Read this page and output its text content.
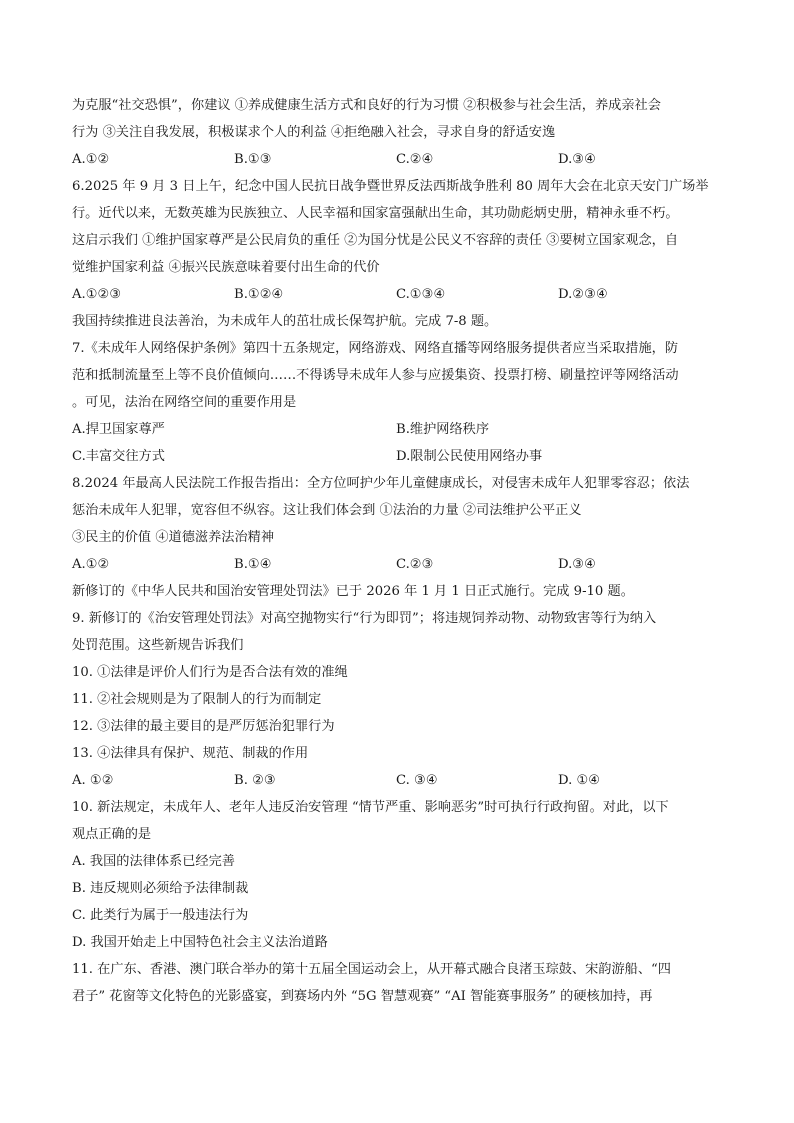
为克服“社交恐惧”，你建议 ①养成健康生活方式和良好的行为习惯 ②积极参与社会生活，养成亲社会
行为 ③关注自我发展，积极谋求个人的利益 ④拒绝融入社会，寻求自身的舒适安逸
A.①②	B.①③	C.②④	D.③④
6.2025 年 9 月 3 日上午，纪念中国人民抗日战争暨世界反法西斯战争胜利 80 周年大会在北京天安门广场举
行。近代以来，无数英雄为民族独立、人民幸福和国家富强献出生命，其功勋彪炳史册，精神永垂不朽。
这启示我们 ①维护国家尊严是公民肩负的重任 ②为国分忧是公民义不容辞的责任 ③要树立国家观念，自
觉维护国家利益 ④振兴民族意味着要付出生命的代价
A.①②③	B.①②④	C.①③④	D.②③④
我国持续推进良法善治，为未成年人的茁壮成长保驾护航。完成 7-8 题。
7.《未成年人网络保护条例》第四十五条规定，网络游戏、网络直播等网络服务提供者应当采取措施，防
范和抵制流量至上等不良价值倾向……不得诱导未成年人参与应援集资、投票打榜、刷量控评等网络活动
。可见，法治在网络空间的重要作用是
A.捍卫国家尊严	B.维护网络秩序
C.丰富交往方式	D.限制公民使用网络办事
8.2024 年最高人民法院工作报告指出：全方位呵护少年儿童健康成长，对侵害未成年人犯罪零容忍；依法
惩治未成年人犯罪，宽容但不纵容。这让我们体会到 ①法治的力量 ②司法维护公平正义
③民主的价值 ④道德滋养法治精神
A.①②	B.①④	C.②③	D.③④
新修订的《中华人民共和国治安管理处罚法》已于 2026 年 1 月 1 日正式施行。完成 9-10 题。
9. 新修订的《治安管理处罚法》对高空抛物实行“行为即罚”；将违规饲养动物、动物致害等行为纳入
处罚范围。这些新规告诉我们
10. ①法律是评价人们行为是否合法有效的准绳
11. ②社会规则是为了限制人的行为而制定
12. ③法律的最主要目的是严厉惩治犯罪行为
13. ④法律具有保护、规范、制裁的作用
A. ①②	B. ②③	C. ③④	D. ①④
10. 新法规定，未成年人、老年人违反治安管理 “情节严重、影响恶劣”时可执行行政拘留。对此，以下
观点正确的是
A. 我国的法律体系已经完善
B. 违反规则必须给予法律制裁
C. 此类行为属于一般违法行为
D. 我国开始走上中国特色社会主义法治道路
11. 在广东、香港、澳门联合举办的第十五届全国运动会上，从开幕式融合良渚玉琮鼓、宋韵游船、“四
君子” 花窗等文化特色的光影盛宴，到赛场内外 “5G 智慧观赛” “AI 智能赛事服务” 的硬核加持，再
